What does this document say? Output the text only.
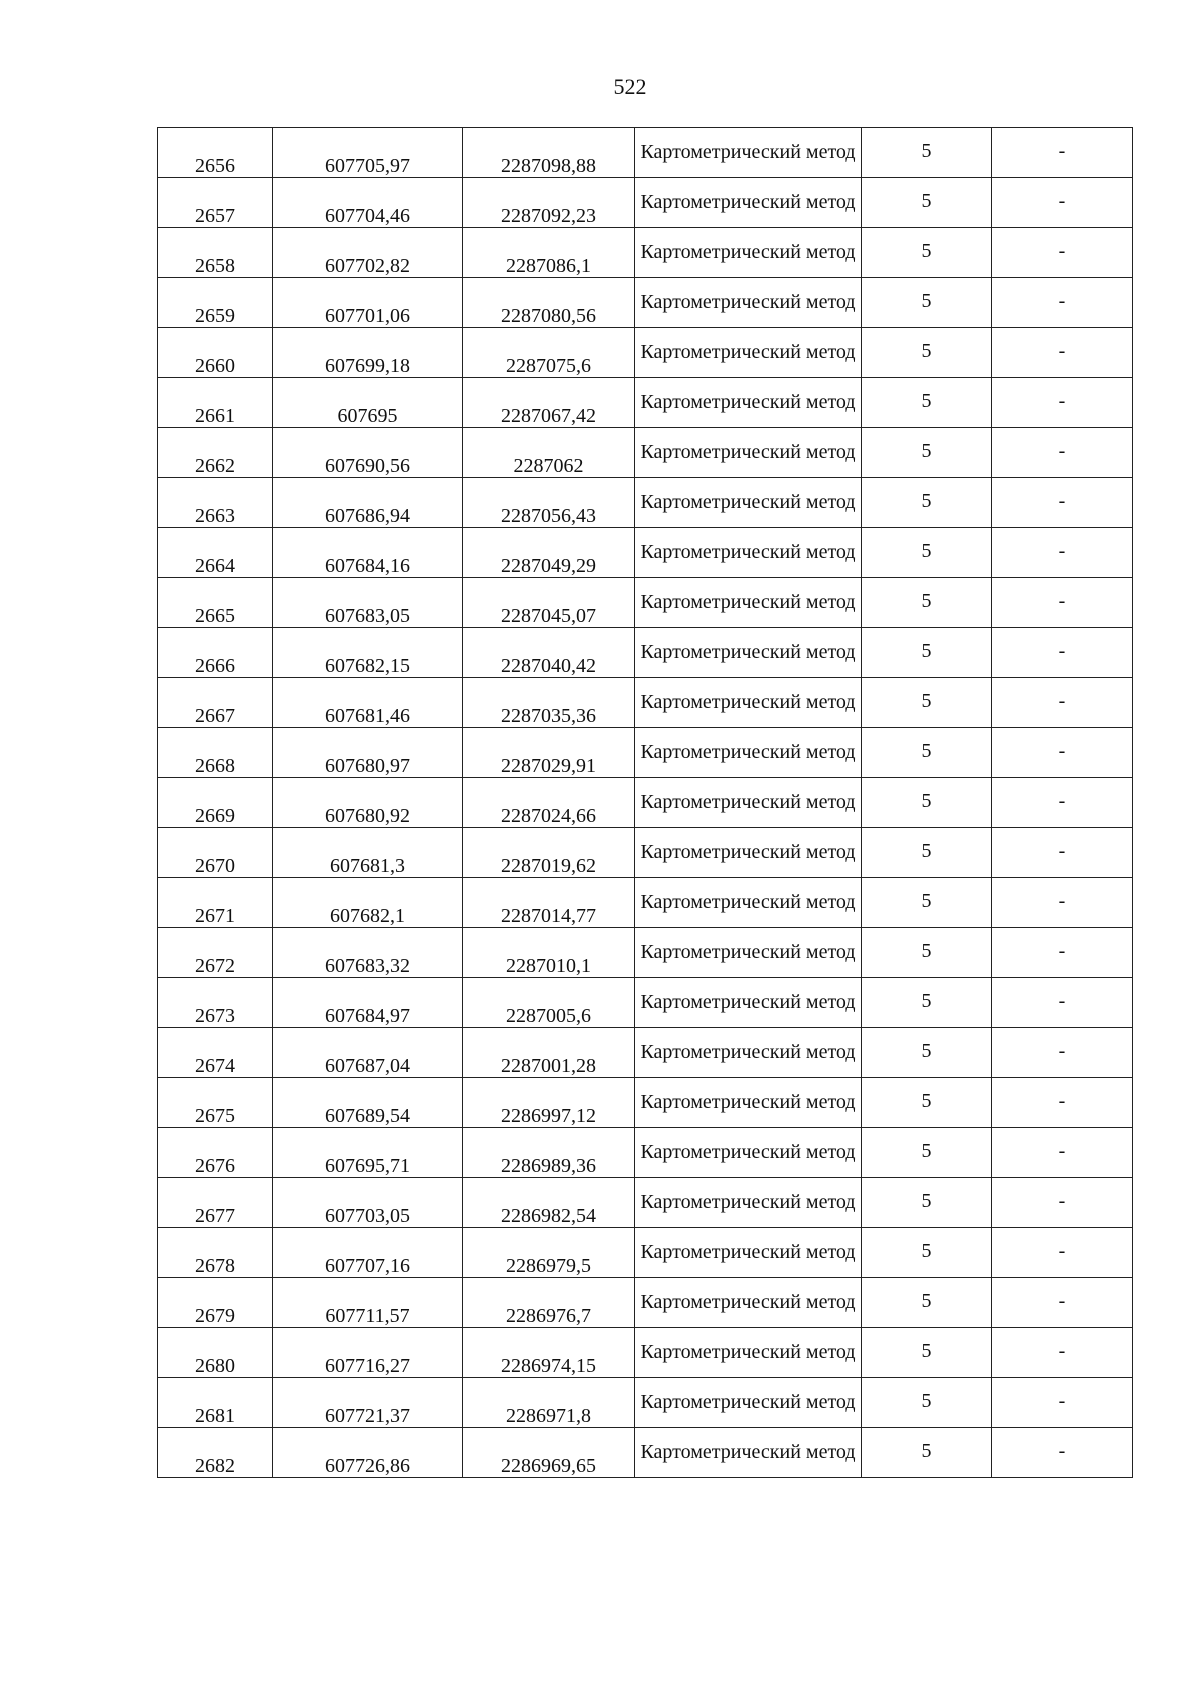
522
2656	607705,97	2287098,88	Картометрический метод	5	-

2657	607704,46	2287092,23	Картометрический метод	5	-

2658	607702,82	2287086,1	Картометрический метод	5	-

2659	607701,06	2287080,56	Картометрический метод	5	-

2660	607699,18	2287075,6	Картометрический метод	5	-

2661	607695	2287067,42	Картометрический метод	5	-

2662	607690,56	2287062	Картометрический метод	5	-

2663	607686,94	2287056,43	Картометрический метод	5	-

2664	607684,16	2287049,29	Картометрический метод	5	-

2665	607683,05	2287045,07	Картометрический метод	5	-

2666	607682,15	2287040,42	Картометрический метод	5	-

2667	607681,46	2287035,36	Картометрический метод	5	-

2668	607680,97	2287029,91	Картометрический метод	5	-

2669	607680,92	2287024,66	Картометрический метод	5	-

2670	607681,3	2287019,62	Картометрический метод	5	-

2671	607682,1	2287014,77	Картометрический метод	5	-

2672	607683,32	2287010,1	Картометрический метод	5	-

2673	607684,97	2287005,6	Картометрический метод	5	-

2674	607687,04	2287001,28	Картометрический метод	5	-

2675	607689,54	2286997,12	Картометрический метод	5	-

2676	607695,71	2286989,36	Картометрический метод	5	-

2677	607703,05	2286982,54	Картометрический метод	5	-

2678	607707,16	2286979,5	Картометрический метод	5	-

2679	607711,57	2286976,7	Картометрический метод	5	-

2680	607716,27	2286974,15	Картометрический метод	5	-

2681	607721,37	2286971,8	Картометрический метод	5	-

2682	607726,86	2286969,65	Картометрический метод	5	-
